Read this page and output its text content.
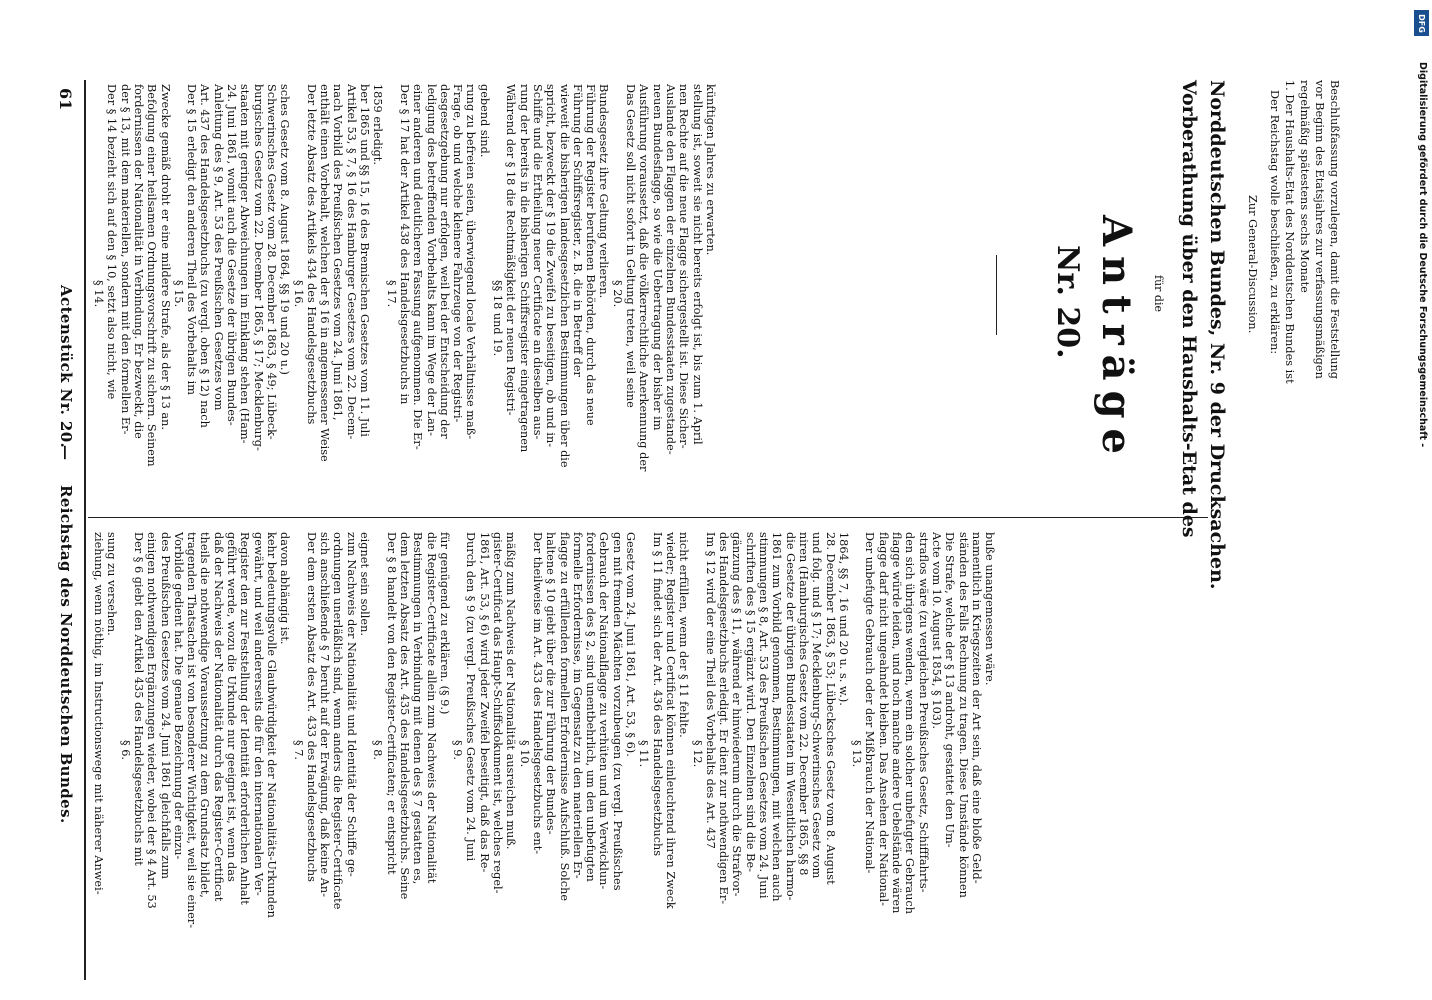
Reichstag des Norddeutschen Bundes.
—
Actenstück Nr. 20.
61
ziehung, wenn nöthig, im Instructionswege mit näherer Anwei- sung zu versehen.
§ 6. Der § 6 giebt den Artikel 435 des Handelsgesetzbuchs mit einigen nothwendigen Ergänzungen wieder, wobei der § 4 Art. 53 des Preußischen Gesetzes vom 24. Juni 1861 gleichfalls zum Vorbilde gedient hat. Die genaue Bezeichnung der einzu- tragenden Thatsachen ist von besonderer Wichtigkeit, weil sie einer- theils die nothwendige Voraussetzung zu dem Grundsatz bildet, daß der Nachweis der Nationalität durch das Register-Certificat geführt werde, wozu die Urkunde nur geeignet ist, wenn das Register den zur Feststellung der Identität erforderlichen Anhalt gewährt, und weil andererseits die für den internationalen Ver- kehr bedeutungsvolle Glaubwürdigkeit der Nationalitäts-Urkunden davon abhängig ist.
§ 7. Der dem ersten Absatz des Art. 433 des Handelsgesetzbuchs sich anschließende § 7 beruht auf der Erwägung, daß keine An- ordnungen unerläßlich sind, wenn anders die Register-Certificate zum Nachweis der Nationalität und Identität der Schiffe ge- eignet sein sollen.
§ 8. Der § 8 handelt von den Register-Certificaten; er entspricht dem letzten Absatz des Art. 435 des Handelsgesetzbuchs. Seine Bestimmungen in Verbindung mit denen des § 7 gestatten es, die Register-Certificate allein zum Nachweis der Nationalität für genügend zu erklären. (§ 9.)
§ 9. Durch den § 9 (zu vergl. Preußisches Gesetz vom 24. Juni 1861, Art. 53, § 6) wird jeder Zweifel beseitigt, daß das Re- gister-Certificat das Haupt-Schiffsdokument ist, welches regel- mäßig zum Nachweis der Nationalität ausreichen muß. § 10. Der theilweise im Art. 433 des Handelsgesetzbuchs ent- haltene § 10 giebt über die zur Führung der Bundes- flagge zu erfüllenden formellen Erfordernisse Aufschluß. Solche formelle Erfordernisse, im Gegensatz zu den materiellen Er- fordernissen des § 2, sind unentbehrlich, um den unbefugten Gebrauch der Nationalflagge zu verhüten und um Verwicklun- gen mit fremden Mächten vorzubeugen (zu vergl. Preußisches Gesetz vom 24. Juni 1861, Art. 53, § 6). § 11. Im § 11 findet sich der Art. 436 des Handelsgesetzbuchs wieder; Register und Certificat können einleuchtend ihren Zweck nicht erfüllen, wenn der § 11 fehlte.
§ 12. Im § 12 wird der eine Theil des Vorbehalts des Art. 437 des Handelsgesetzbuchs erledigt. Er dient zur nothwendigen Er- gänzung des § 11, während er hinwiederum durch die Strafvor- schriften des § 15 ergänzt wird. Den Einzelnen sind die Be- stimmungen § 8, Art. 53 des Preußischen Gesetzes vom 24. Juni 1861 zum Vorbild genommen, Bestimmungen, mit welchen auch die Gesetze der übrigen Bundesstaaten im Wesentlichen harmo- niren (Hamburgisches Gesetz vom 22. December 1865, §§ 8 und folg. und § 17; Mecklenburg-Schwerinsches Gesetz vom 28. December 1863, § 53; Lübecksches Gesetz vom 8. August 1864, §§ 7, 16 und 20 u. s. w.).
§ 13. Der unbefugte Gebrauch oder der Mißbrauch der National- flagge darf nicht ungeahndet bleiben. Das Ansehen der National- flagge würde leiden, und noch manche andere Uebelstände wären den sich übrigens wenden, wenn ein solcher unbefugter Gebrauch straflos wäre (zu vergleichen Preußisches Gesetz, Schifffahrts- Acte vom 10. August 1854, § 103). Die Strafe, welche der § 13 androht, gestattet den Um- ständen des Falls Rechnung zu tragen. Diese Umstände können namentlich in Kriegszeiten der Art sein, daß eine bloße Geld- buße unangemessen wäre.
§ 14. Der § 14 bezieht sich auf den § 10, setzt also nicht, wie der § 13, mit dem materiellen, sondern mit den formellen Er- fordernissen der Nationalität in Verbindung. Er bezweckt, die Befolgung einer heilsamen Ordnungsvorschrift zu sichern. Seinem Zwecke gemäß droht er eine mildere Strafe, als der § 13 an. § 15. Der § 15 erledigt den anderen Theil des Vorbehalts im Art. 437 des Handelsgesetzbuchs (zu vergl. oben § 12) nach Anleitung des § 9, Art. 53 des Preußischen Gesetzes vom 24. Juni 1861, womit auch die Gesetze der übrigen Bundes- staaten mit geringer Abweichungen im Einklang stehen (Ham- burgisches Gesetz vom 22. December 1865, § 17; Mecklenburg- Schwerinsches Gesetz vom 28. December 1863, § 49; Lübeck- sches Gesetz vom 8. August 1864, §§ 19 und 20 u.) § 16. Der letzte Absatz des Artikels 434 des Handelsgesetzbuchs enthält einen Vorbehalt, welchen der § 16 in angemessener Weise nach Vorbild des Preußischen Gesetzes vom 24. Juni 1861, Artikel 53, § 7, § 16 des Hamburger Gesetzes vom 22. Decem- ber 1865 und §§ 15, 16 des Bremischen Gesetzes vom 11. Juli 1859 erledigt.
§ 17. Der § 17 hat der Artikel 438 des Handelsgesetzbuchs in einer anderen und deutlicheren Fassung aufgenommen. Die Er- ledigung des betreffenden Vorbehalts kann im Wege der Lan- desgesetzgebung nur erfolgen, weil bei der Entscheidung der Frage, ob und welche kleinere Fahrzeuge von der Registri- rung zu befreien seien, überwiegend locale Verhältnisse maß- gebend sind.
§§ 18 und 19. Während der § 18 die Rechtmäßigkeit der neuen Registri- rung der bereits in die bisherigen Schiffsregister eingetragenen Schiffe und die Ertheilung neuer Certificate an dieselben aus- spricht, bezweckt der § 19 die Zweifel zu beseitigen, ob und in- wieweit die bisherigen landesgesetzlichen Bestimmungen über die Führung der Schiffsregister, z. B. die in Betreff der Führung der Register berufenen Behörden, durch das neue Bundesgesetz ihre Geltung verlieren. § 20. Das Gesetz soll nicht sofort in Geltung treten, weil seine Ausführung voraussetzt, daß die völkerrechtliche Anerkennung der neuen Bundesflagge, so wie die Uebertragung der bisher im Auslande den Flaggen der einzelnen Bundesstaaten zugestande- nen Rechte auf die neue Flagge sichergestellt ist. Diese Sicher- stellung ist, soweit sie nicht bereits erfolgt ist, bis zum 1. April künftigen Jahres zu erwarten.
Nr. 20. Anträge für die Vorberathung über den Haushalts-Etat des Norddeutschen Bundes, Nr. 9 der Drucksachen. Zur General-Discussion. Der Reichstag wolle beschließen, zu erklären: 1. Der Haushalts-Etat des Norddeutschen Bundes ist regelmäßig spätestens sechs Monate vor Beginn des Etatsjahres zur verfassungsmäßigen Beschlußfassung vorzulegen, damit die Feststellung	Digitalisierung gefördert durch die Deutsche Forschungsgemeinschaft -
DFG
